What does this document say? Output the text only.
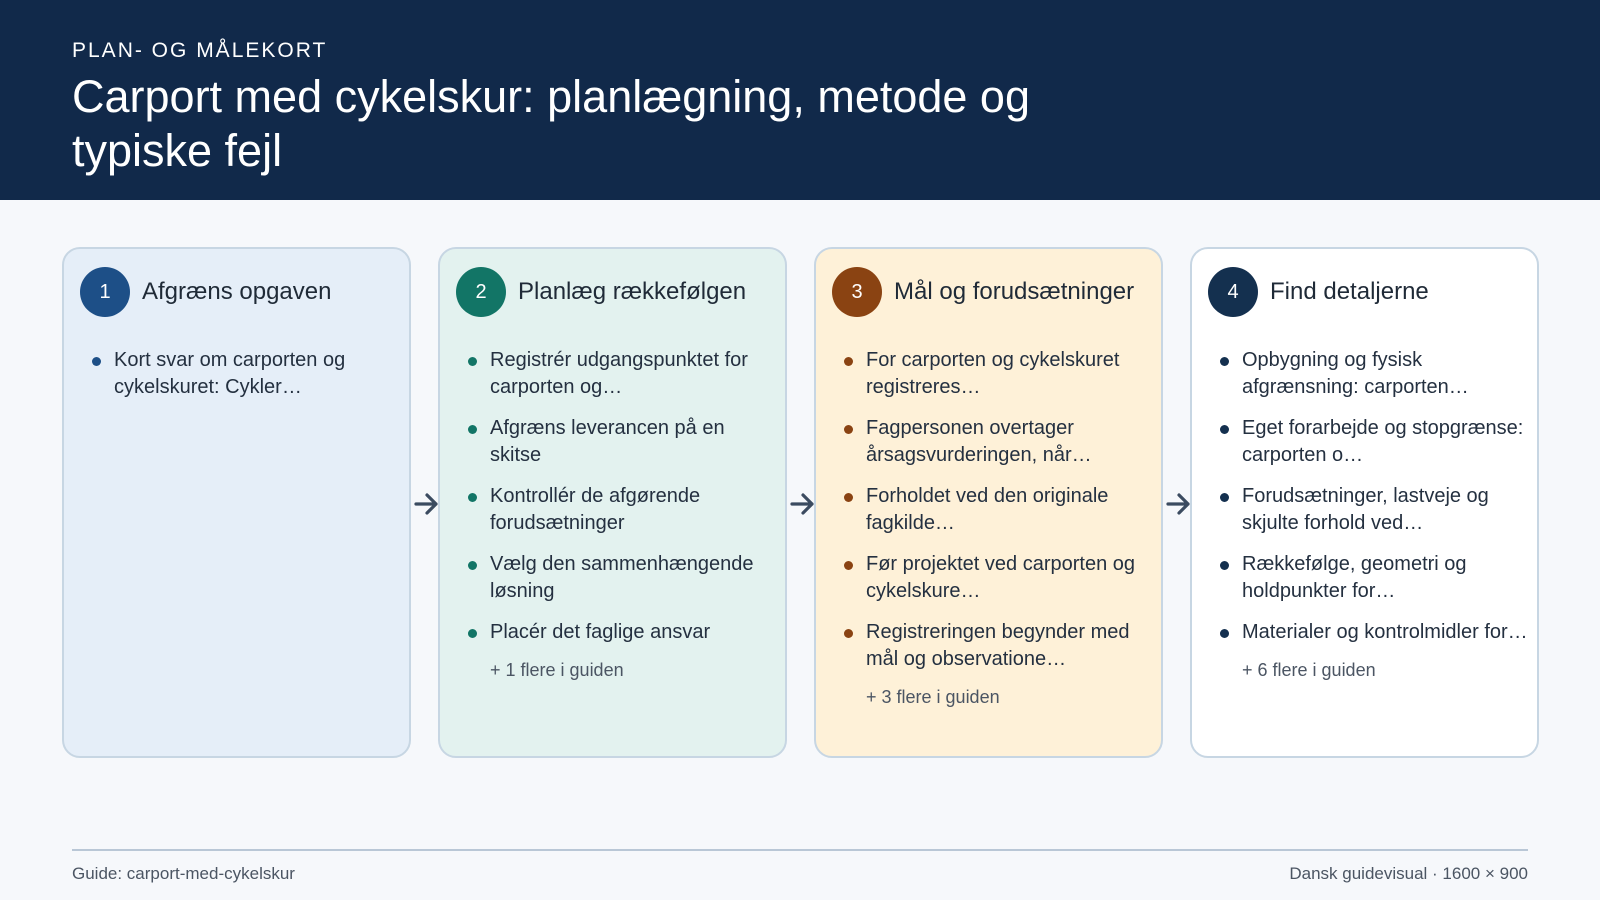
PLAN- OG MÅLEKORT
Carport med cykelskur: planlægning, metode og typiske fejl
1	Afgræns opgaven
Kort svar om carporten og cykelskuret: Cykler…
2	Planlæg rækkefølgen
Registrér udgangspunktet for carporten og…
Afgræns leverancen på en skitse
Kontrollér de afgørende forudsætninger
Vælg den sammenhængende løsning
Placér det faglige ansvar
+ 1 flere i guiden
3	Mål og forudsætninger
For carporten og cykelskuret registreres…
Fagpersonen overtager årsagsvurderingen, når…
Forholdet ved den originale fagkilde…
Før projektet ved carporten og cykelskure…
Registreringen begynder med mål og observatione…
+ 3 flere i guiden
4	Find detaljerne
Opbygning og fysisk afgrænsning: carporten…
Eget forarbejde og stopgrænse: carporten o…
Forudsætninger, lastveje og skjulte forhold ved…
Rækkefølge, geometri og holdpunkter for…
Materialer og kontrolmidler for…
+ 6 flere i guiden
Guide: carport-med-cykelskur	Dansk guidevisual · 1600 × 900
